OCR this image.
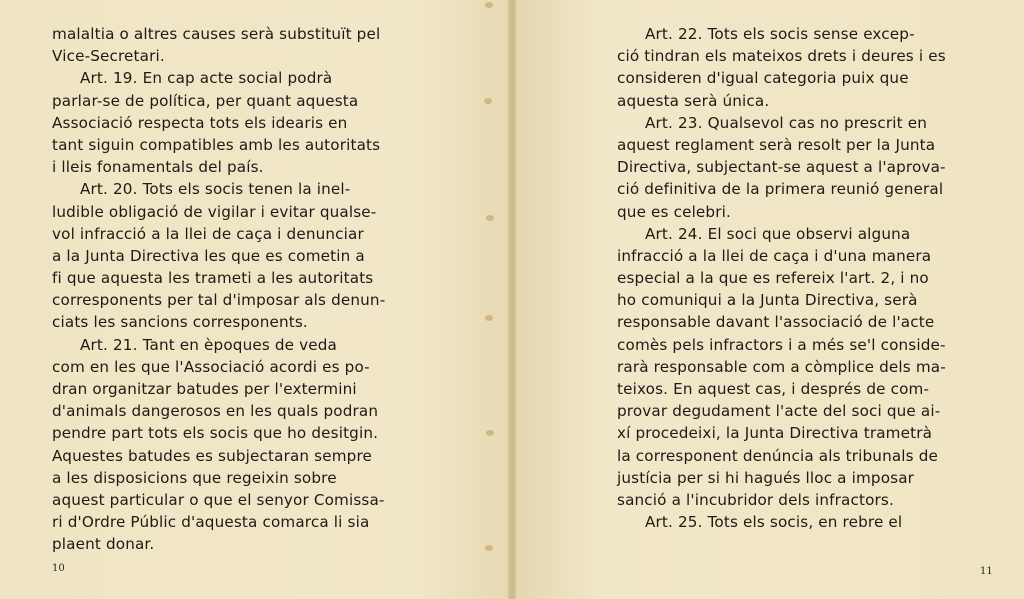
malaltia o altres causes serà substituït pel
Vice-Secretari.
Art. 19. En cap acte social podrà
parlar-se de política, per quant aquesta
Associació respecta tots els idearis en
tant siguin compatibles amb les autoritats
i lleis fonamentals del país.
Art. 20. Tots els socis tenen la inel-
ludible obligació de vigilar i evitar qualse-
vol infracció a la llei de caça i denunciar
a la Junta Directiva les que es cometin a
fi que aquesta les trameti a les autoritats
corresponents per tal d'imposar als denun-
ciats les sancions corresponents.
Art. 21. Tant en èpoques de veda
com en les que l'Associació acordi es po-
dran organitzar batudes per l'extermini
d'animals dangerosos en les quals podran
pendre part tots els socis que ho desitgin.
Aquestes batudes es subjectaran sempre
a les disposicions que regeixin sobre
aquest particular o que el senyor Comissa-
ri d'Ordre Públic d'aquesta comarca li sia
plaent donar.
Art. 22. Tots els socis sense excep-
ció tindran els mateixos drets i deures i es
consideren d'igual categoria puix que
aquesta serà única.
Art. 23. Qualsevol cas no prescrit en
aquest reglament serà resolt per la Junta
Directiva, subjectant-se aquest a l'aprova-
ció definitiva de la primera reunió general
que es celebri.
Art. 24. El soci que observi alguna
infracció a la llei de caça i d'una manera
especial a la que es refereix l'art. 2, i no
ho comuniqui a la Junta Directiva, serà
responsable davant l'associació de l'acte
comès pels infractors i a més se'l conside-
rarà responsable com a còmplice dels ma-
teixos. En aquest cas, i després de com-
provar degudament l'acte del soci que ai-
xí procedeixi, la Junta Directiva trametrà
la corresponent denúncia als tribunals de
justícia per si hi hagués lloc a imposar
sanció a l'incubridor dels infractors.
Art. 25. Tots els socis, en rebre el
10	11
